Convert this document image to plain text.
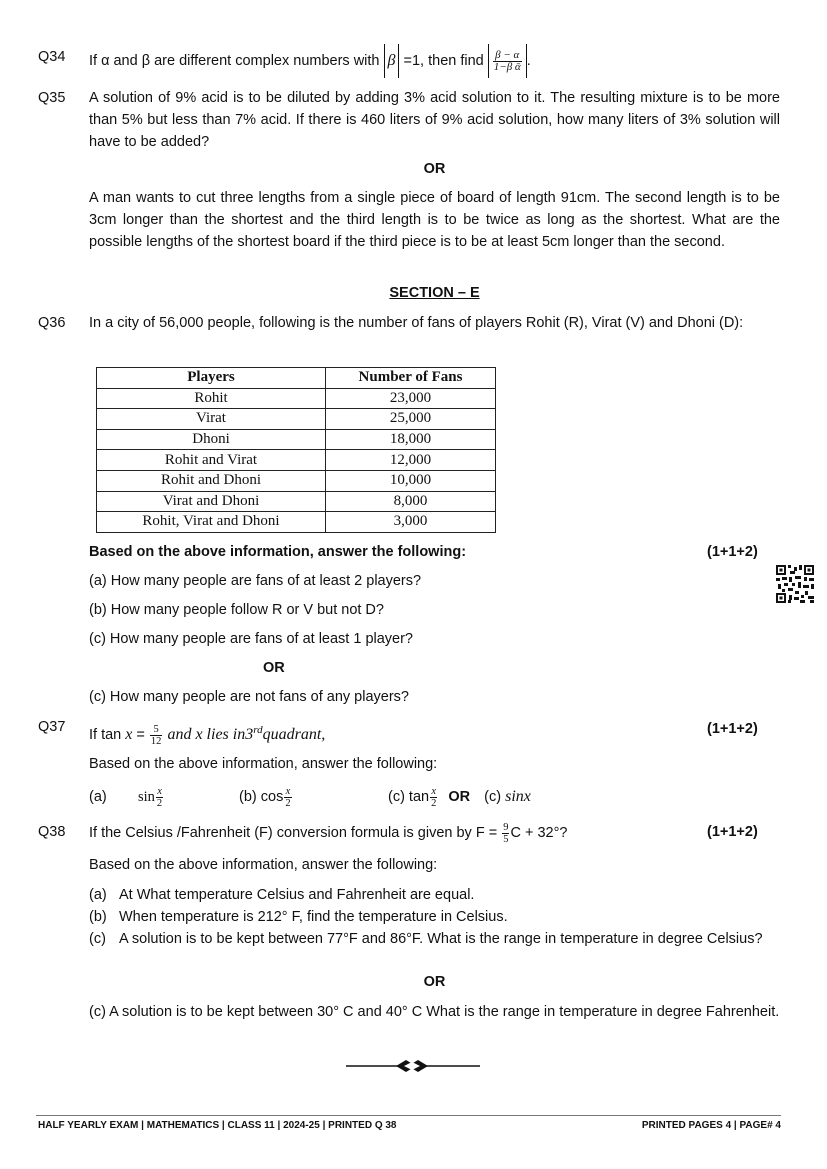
Q34 If α and β are different complex numbers with β =1, then find $\frac{\beta - \alpha}{\text{1−β ᾱ}}$ .
Q35 A solution of 9% acid is to be diluted by adding 3% acid solution to it. The resulting mixture is to be more than 5% but less than 7% acid. If there is 460 liters of 9% acid solution, how many liters of 3% solution will have to be added?
OR
A man wants to cut three lengths from a single piece of board of length 91cm. The second length is to be 3cm longer than the shortest and the third length is to be twice as long as the shortest. What are the possible lengths of the shortest board if the third piece is to be at least 5cm longer than the second.
SECTION – E
Q36 In a city of 56,000 people, following is the number of fans of players Rohit (R), Virat (V) and Dhoni (D):
Players	Number of Fans
Rohit	23,000
Virat	25,000
Dhoni	18,000
Rohit and Virat	12,000
Rohit and Dhoni	10,000
Virat and Dhoni	8,000
Rohit, Virat and Dhoni	3,000
Based on the above information, answer the following:	(1+1+2)
(a) How many people are fans of at least 2 players?
(b) How many people follow R or V but not D?
(c) How many people are fans of at least 1 player?
OR
(c) How many people are not fans of any players?
Q37 If $\tan x = \frac{5}{12}$ and x lies in3rdquadrant,	(1+1+2)
Based on the above information, answer the following:
(a) $\sin \frac{x}{2}$	(b) $\cos \frac{x}{2}$	(c) $\tan \frac{x}{2}$ OR (c) sinx
Q38 If the Celsius /Fahrenheit (F) conversion formula is given by $F = \frac{9}{5}$ C + 32°?	(1+1+2)
Based on the above information, answer the following:
(a) At What temperature Celsius and Fahrenheit are equal.
(b) When temperature is 212° F, find the temperature in Celsius.
(c) A solution is to be kept between 77°F and 86°F. What is the range in temperature in degree Celsius?
OR
(c) A solution is to be kept between 30° C and 40° C What is the range in temperature in degree Fahrenheit.
HALF YEARLY EXAM | MATHEMATICS | CLASS 11 | 2024-25 | PRINTED Q 38	PRINTED PAGES 4 | PAGE# 4
